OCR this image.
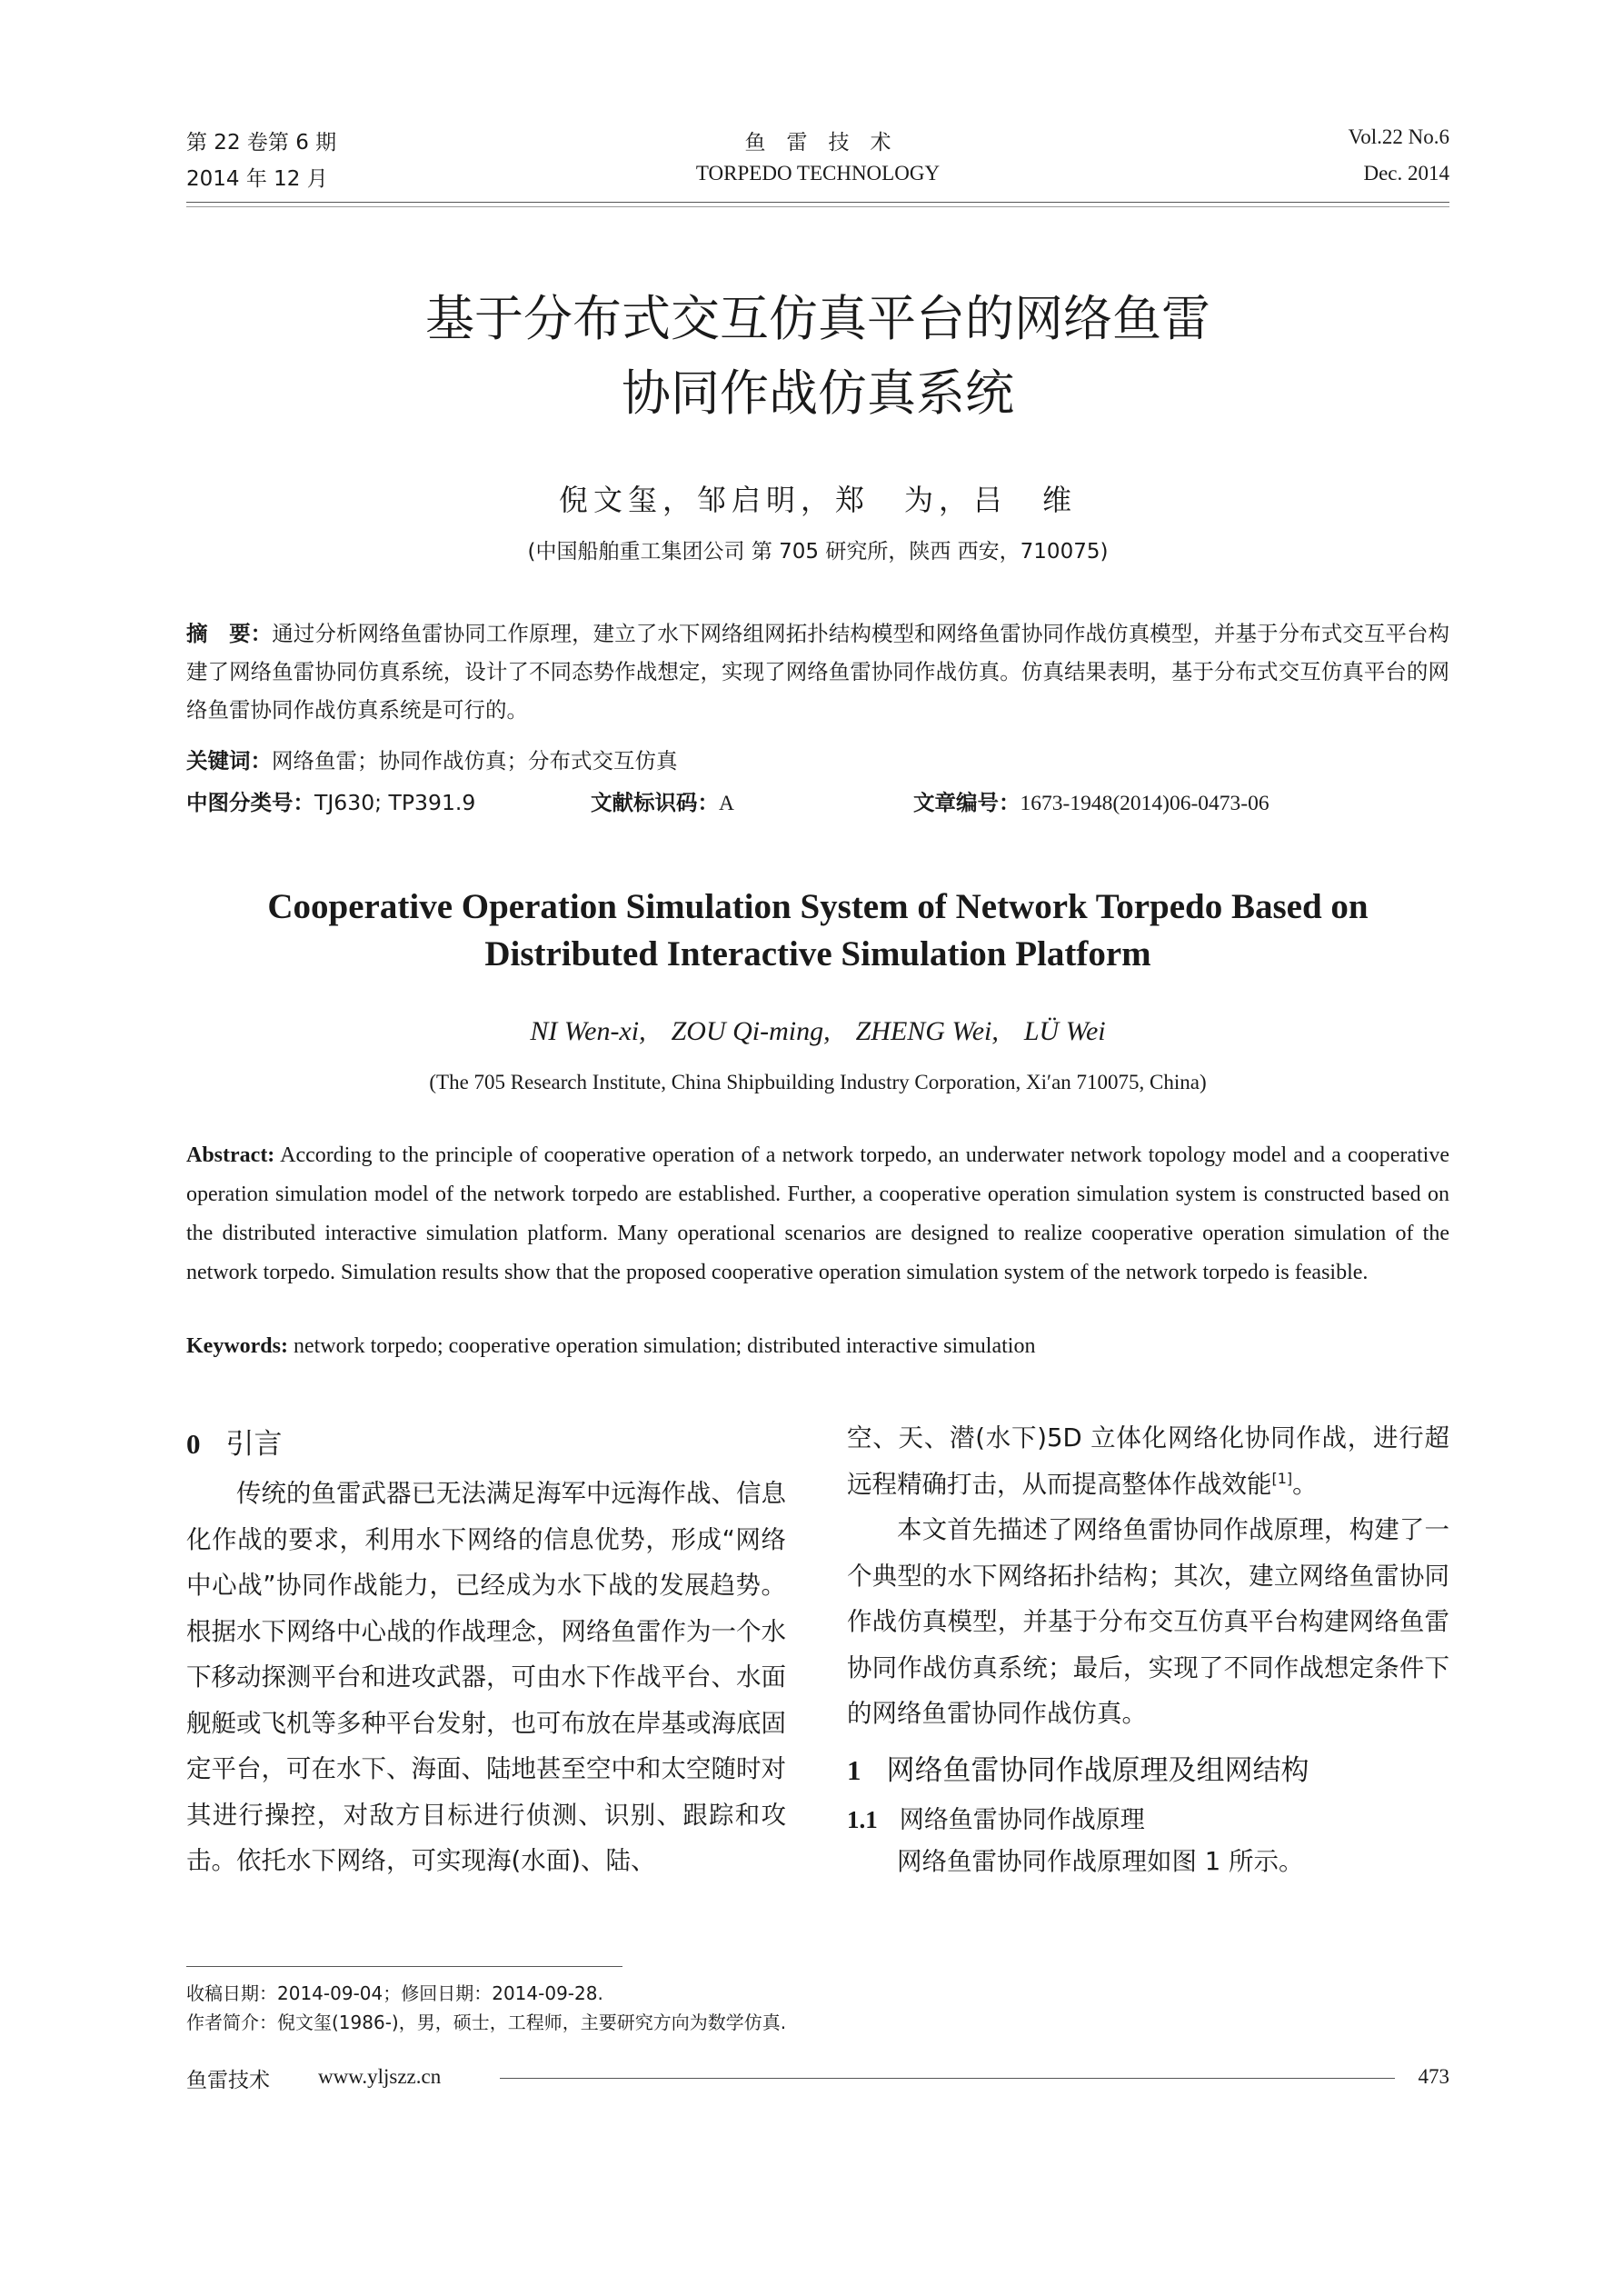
第 22 卷第 6 期
2014 年 12 月
鱼　雷　技　术
TORPEDO TECHNOLOGY
Vol.22 No.6
Dec. 2014
基于分布式交互仿真平台的网络鱼雷
协同作战仿真系统
倪文玺，邹启明，郑　为，吕　维
(中国船舶重工集团公司 第 705 研究所，陕西 西安，710075)
摘　要：通过分析网络鱼雷协同工作原理，建立了水下网络组网拓扑结构模型和网络鱼雷协同作战仿真模型，并基于分布式交互平台构建了网络鱼雷协同仿真系统，设计了不同态势作战想定，实现了网络鱼雷协同作战仿真。仿真结果表明，基于分布式交互仿真平台的网络鱼雷协同作战仿真系统是可行的。
关键词：网络鱼雷；协同作战仿真；分布式交互仿真
中图分类号：TJ630; TP391.9	文献标识码：A	文章编号：1673-1948(2014)06-0473-06
Cooperative Operation Simulation System of Network Torpedo Based on
Distributed Interactive Simulation Platform
NI Wen-xi, ZOU Qi-ming, ZHENG Wei, LÜ Wei
(The 705 Research Institute, China Shipbuilding Industry Corporation, Xi′an 710075, China)
Abstract: According to the principle of cooperative operation of a network torpedo, an underwater network topology model and a cooperative operation simulation model of the network torpedo are established. Further, a cooperative operation simulation system is constructed based on the distributed interactive simulation platform. Many operational scenarios are designed to realize cooperative operation simulation of the network torpedo. Simulation results show that the proposed cooperative operation simulation system of the network torpedo is feasible.
Keywords: network torpedo; cooperative operation simulation; distributed interactive simulation
0 引言

传统的鱼雷武器已无法满足海军中远海作战、信息化作战的要求，利用水下网络的信息优势，形成“网络中心战”协同作战能力，已经成为水下战的发展趋势。根据水下网络中心战的作战理念，网络鱼雷作为一个水下移动探测平台和进攻武器，可由水下作战平台、水面舰艇或飞机等多种平台发射，也可布放在岸基或海底固定平台，可在水下、海面、陆地甚至空中和太空随时对其进行操控，对敌方目标进行侦测、识别、跟踪和攻击。依托水下网络，可实现海(水面)、陆、

空、天、潜(水下)5D 立体化网络化协同作战，进行超远程精确打击，从而提高整体作战效能[1]。

本文首先描述了网络鱼雷协同作战原理，构建了一个典型的水下网络拓扑结构；其次，建立网络鱼雷协同作战仿真模型，并基于分布交互仿真平台构建网络鱼雷协同作战仿真系统；最后，实现了不同作战想定条件下的网络鱼雷协同作战仿真。

1 网络鱼雷协同作战原理及组网结构
1.1 网络鱼雷协同作战原理

网络鱼雷协同作战原理如图 1 所示。

收稿日期：2014-09-04；修回日期：2014-09-28.
作者简介：倪文玺(1986-)，男，硕士，工程师，主要研究方向为数学仿真.
鱼雷技术 www.yljszz.cn	473
